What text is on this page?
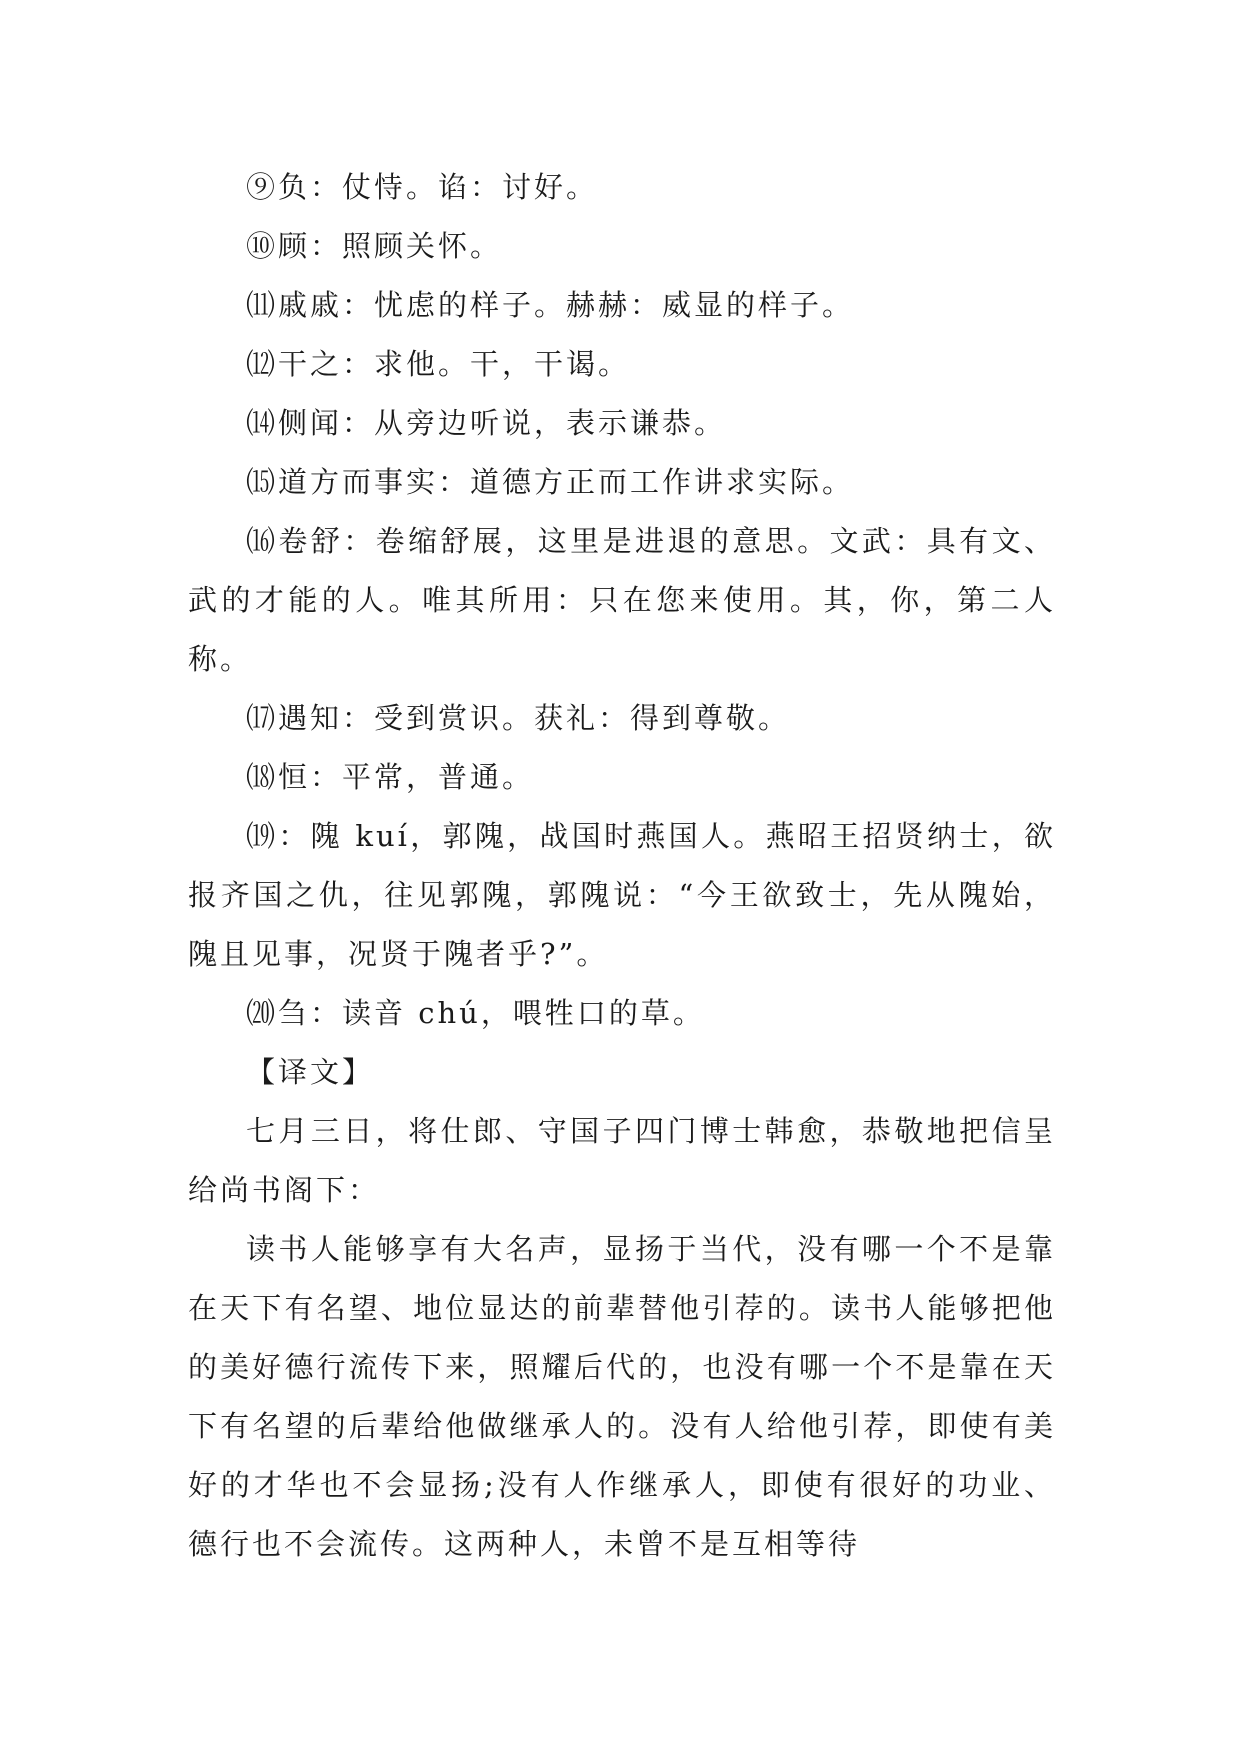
⑨负：仗恃。谄：讨好。

⑩顾：照顾关怀。

⑾戚戚：忧虑的样子。赫赫：威显的样子。

⑿干之：求他。干，干谒。

⒁侧闻：从旁边听说，表示谦恭。

⒂道方而事实：道德方正而工作讲求实际。

⒃卷舒：卷缩舒展，这里是进退的意思。文武：具有文、武的才能的人。唯其所用：只在您来使用。其，你，第二人称。

⒄遇知：受到赏识。获礼：得到尊敬。

⒅恒：平常，普通。

⒆：隗 kuí，郭隗，战国时燕国人。燕昭王招贤纳士，欲报齐国之仇，往见郭隗，郭隗说：“今王欲致士，先从隗始，隗且见事，况贤于隗者乎?”。

⒇刍：读音 chú，喂牲口的草。

【译文】

七月三日，将仕郎、守国子四门博士韩愈，恭敬地把信呈给尚书阁下：

读书人能够享有大名声，显扬于当代，没有哪一个不是靠在天下有名望、地位显达的前辈替他引荐的。读书人能够把他的美好德行流传下来，照耀后代的，也没有哪一个不是靠在天下有名望的后辈给他做继承人的。没有人给他引荐，即使有美好的才华也不会显扬;没有人作继承人，即使有很好的功业、德行也不会流传。这两种人，未曾不是互相等待
